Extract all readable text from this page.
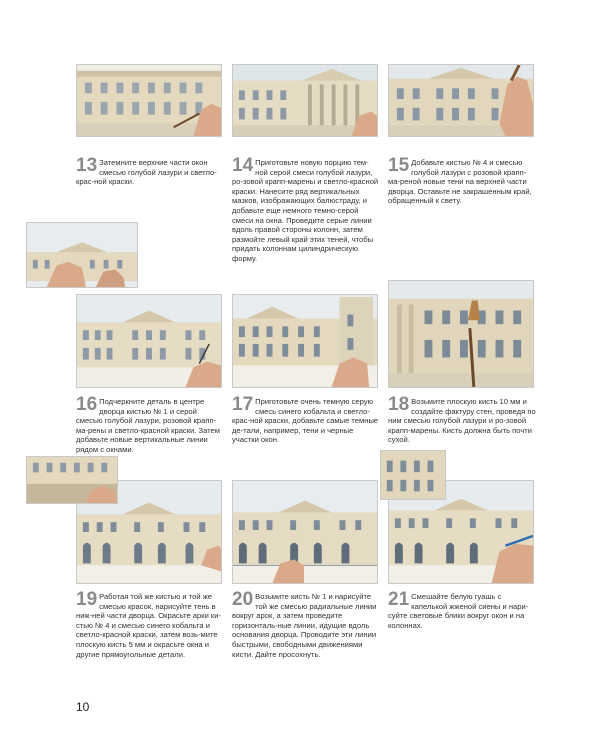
13 Затемните верхние части окон смесью голубой лазури и светло-крас-ной краски.
14 Приготовьте новую порцию тем-ной серой смеси голубой лазури, ро-зовой крапп-марены и светло-красной краски. Нанесите ряд вертикальных мазков, изображающих балюстраду, и добавьте еще немного темно-серой смеси на окна. Проведите серые линии вдоль правой стороны колонн, затем размойте левый край этих теней, чтобы придать колоннам цилиндрическую форму.
15 Добавьте кистью № 4 и смесью голубой лазури с розовой крапп-ма-реной новые тени на верхней части дворца. Оставьте не закрашенным край, обращенный к свету.
16 Подчеркните деталь в центре дворца кистью № 1 и серой смесью голубой лазури, розовой крапп-ма-рены и светло-красной краски. Затем добавьте новые вертикальные линии рядом с окнами.
17 Приготовьте очень темную серую смесь синего кобальта и светло-крас-ной краски, добавьте самые темные де-тали, например, тени и черные участки окон.
18 Возьмите плоскую кисть 10 мм и создайте фактуру стен, проведя по ним смесью голубой лазури и ро-зовой крапп-марены. Кисть должна быть почти сухой.
19 Работая той же кистью и той же смесью красок, нарисуйте тень в ниж-ней части дворца. Окрасьте арки ки-стью № 4 и смесью синего кобальта и светло-красной краски, затем возь-мите плоскую кисть 5 мм и окрасьте окна и другие прямоугольные детали.
20 Возьмите кисть № 1 и нарисуйте той же смесью радиальные линии вокруг арок, а затем проведите горизонталь-ные линии, идущие вдоль основания дворца. Проводите эти линии быстрыми, свободными движениями кисти. Дайте просохнуть.
21 Смешайте белую гуашь с капелькой жженой сиены и нари-суйте световые блики вокруг окон и на колоннах.
10
